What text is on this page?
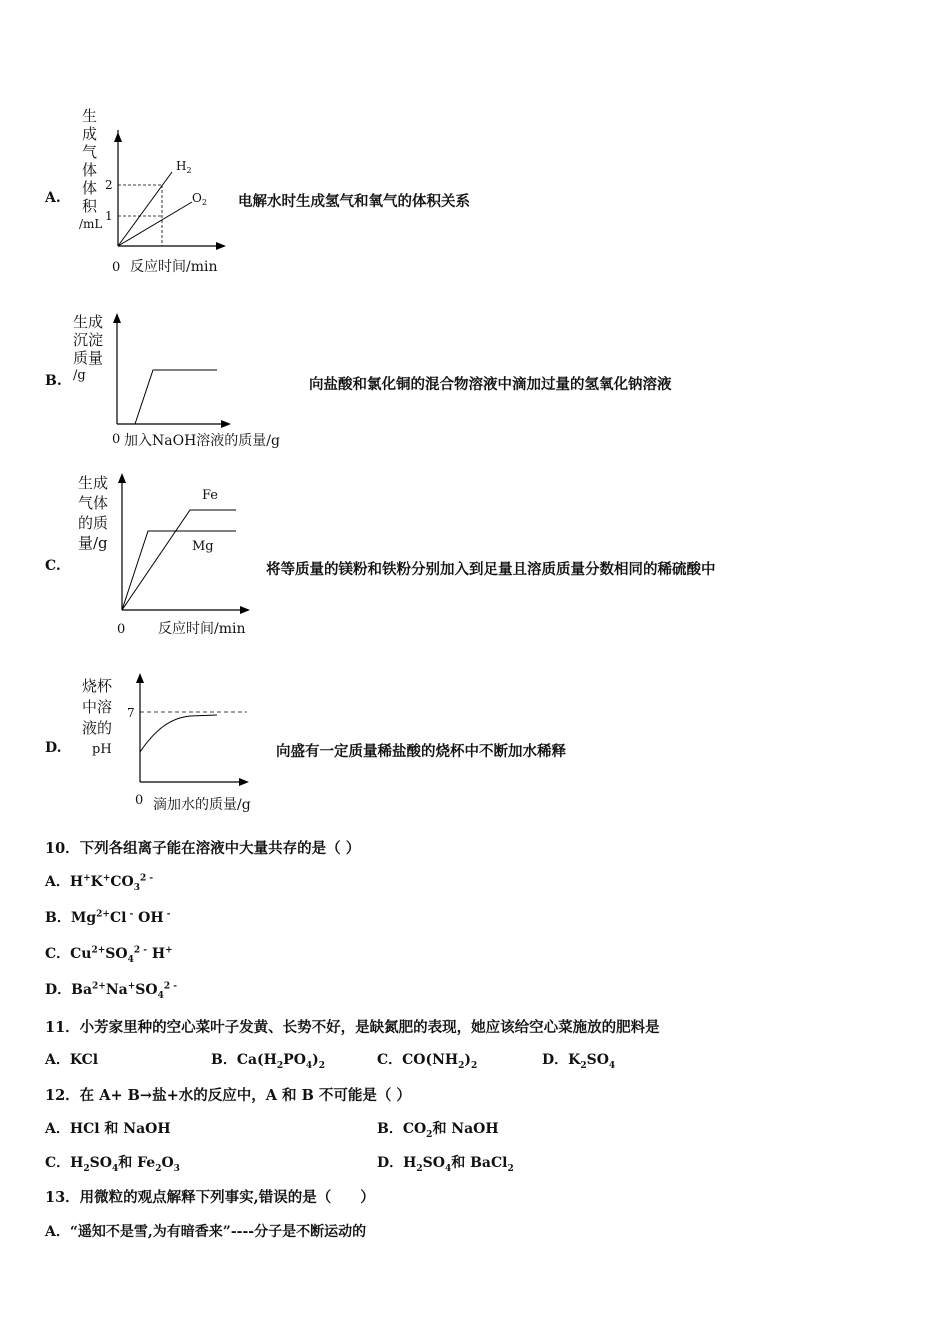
A.
生
成
气
体
体
积
/mL
2
1
$H_2$
$O_2$
0 反应时间/min
电解水时生成氢气和氧气的体积关系
B.
生成
沉淀
质量
/g
0 加入NaOH溶液的质量/g
向盐酸和氯化铜的混合物溶液中滴加过量的氢氧化钠溶液
C.
生成
气体
的质
量/g
Fe
Mg
0 反应时间/min
将等质量的镁粉和铁粉分别加入到足量且溶质质量分数相同的稀硫酸中
D.
烧杯
中溶
液的
pH
7
0 滴加水的质量/g
向盛有一定质量稀盐酸的烧杯中不断加水稀释
10．下列各组离子能在溶液中大量共存的是（ ）
A．$H^+K^+CO_3^{2 -}$
B．$Mg^{2+}Cl$ - OH -
C．$Cu^{2+}SO_4^{2 -}$ H+
D．$Ba^{2+}Na^+SO_4^{2 -}$
11．小芳家里种的空心菜叶子发黄、长势不好，是缺氮肥的表现，她应该给空心菜施放的肥料是
A．KCl	B．$Ca(H_2PO_4)_2$	C．$CO(NH_2)_2$	D．$K_2SO_4$
12．在 A+ B→盐+水的反应中，A 和 B 不可能是（ ）
A．HCl 和 NaOH	B．$CO_2$和 NaOH
C．$H_2SO_4$和 $Fe_2O_3$	D．$H_2SO_4$和 BaCl$_2$
13．用微粒的观点解释下列事实,错误的是（　　）
A．“遥知不是雪,为有暗香来”----分子是不断运动的
